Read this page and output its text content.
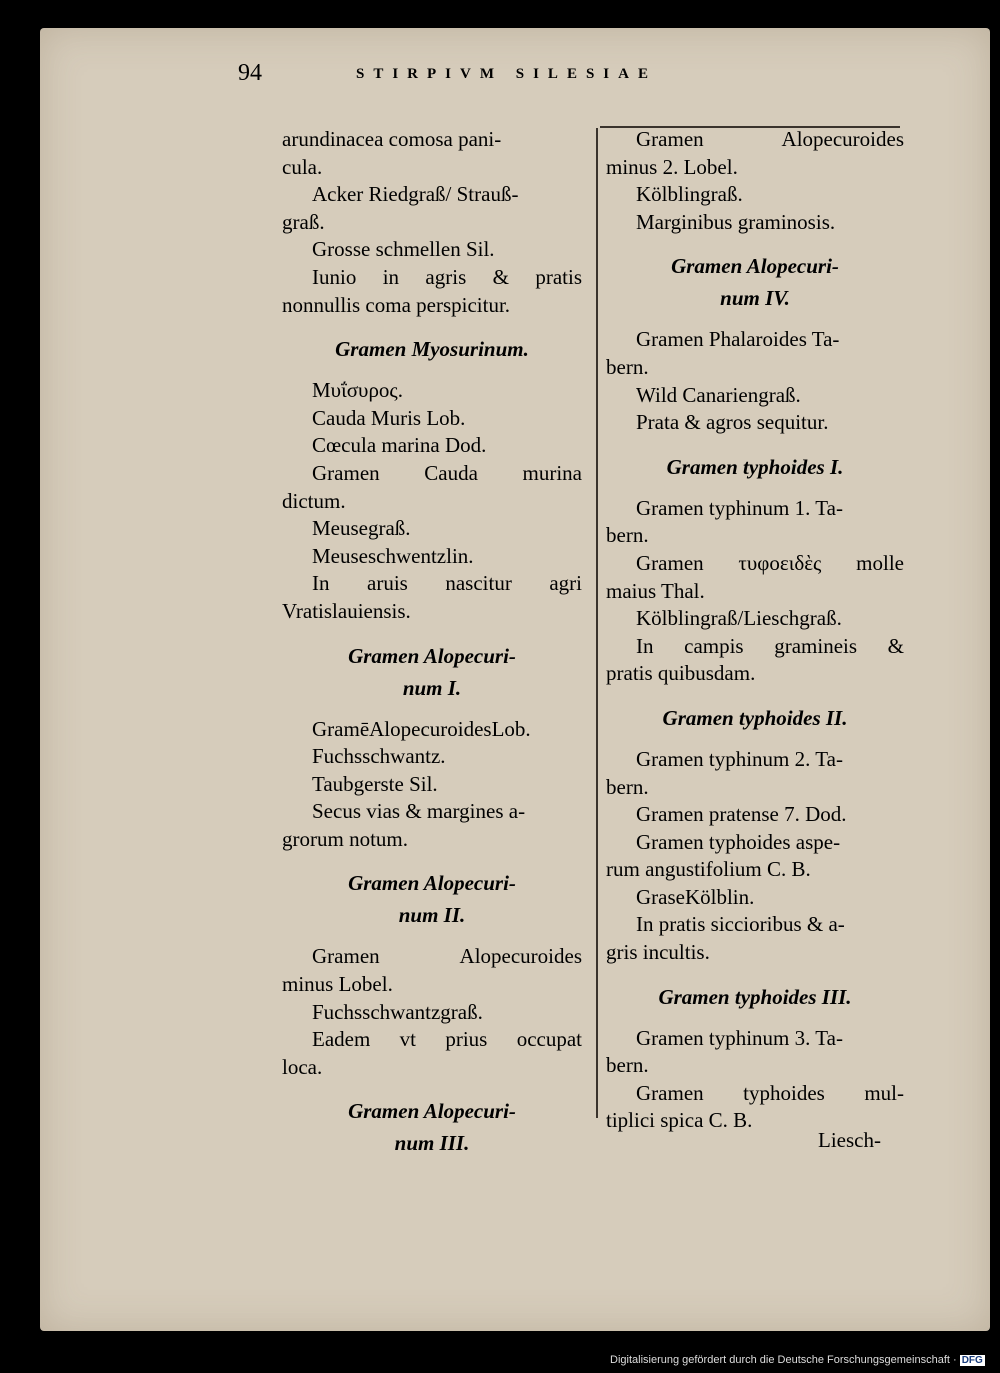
94	STIRPIVM SILESIAE

arundinacea comosa pani-

cula.

Acker Riedgraß/ Strauß-

graß.

Grosse schmellen Sil.

Iunio in agris & pratis

nonnullis coma perspicitur.

Gramen Myosurinum.

Μυΐσυρος.

Cauda Muris Lob.

Cœcula marina Dod.

Gramen Cauda murina

dictum.

Meusegraß.

Meuseschwentzlin.

In aruis nascitur agri

Vratislauiensis.

Gramen Alopecuri-

num I.

GramēAlopecuroidesLob.

Fuchsschwantz.

Taubgerste Sil.

Secus vias & margines a-

grorum notum.

Gramen Alopecuri-

num II.

Gramen Alopecuroides

minus Lobel.

Fuchsschwantzgraß.

Eadem vt prius occupat

loca.

Gramen Alopecuri-

num III.

Gramen Alopecuroides

minus 2. Lobel.

Kölblingraß.

Marginibus graminosis.

Gramen Alopecuri-

num IV.

Gramen Phalaroides Ta-

bern.

Wild Canariengraß.

Prata & agros sequitur.

Gramen typhoides I.

Gramen typhinum 1. Ta-

bern.

Gramen τυφοειδὲς molle

maius Thal.

Kölblingraß/Lieschgraß.

In campis gramineis &

pratis quibusdam.

Gramen typhoides II.

Gramen typhinum 2. Ta-

bern.

Gramen pratense 7. Dod.

Gramen typhoides aspe-

rum angustifolium C. B.

GraseKölblin.

In pratis siccioribus & a-

gris incultis.

Gramen typhoides III.

Gramen typhinum 3. Ta-

bern.

Gramen typhoides mul-

tiplici spica C. B.

Liesch-
Digitalisierung gefördert durch die Deutsche Forschungsgemeinschaft · DFG
